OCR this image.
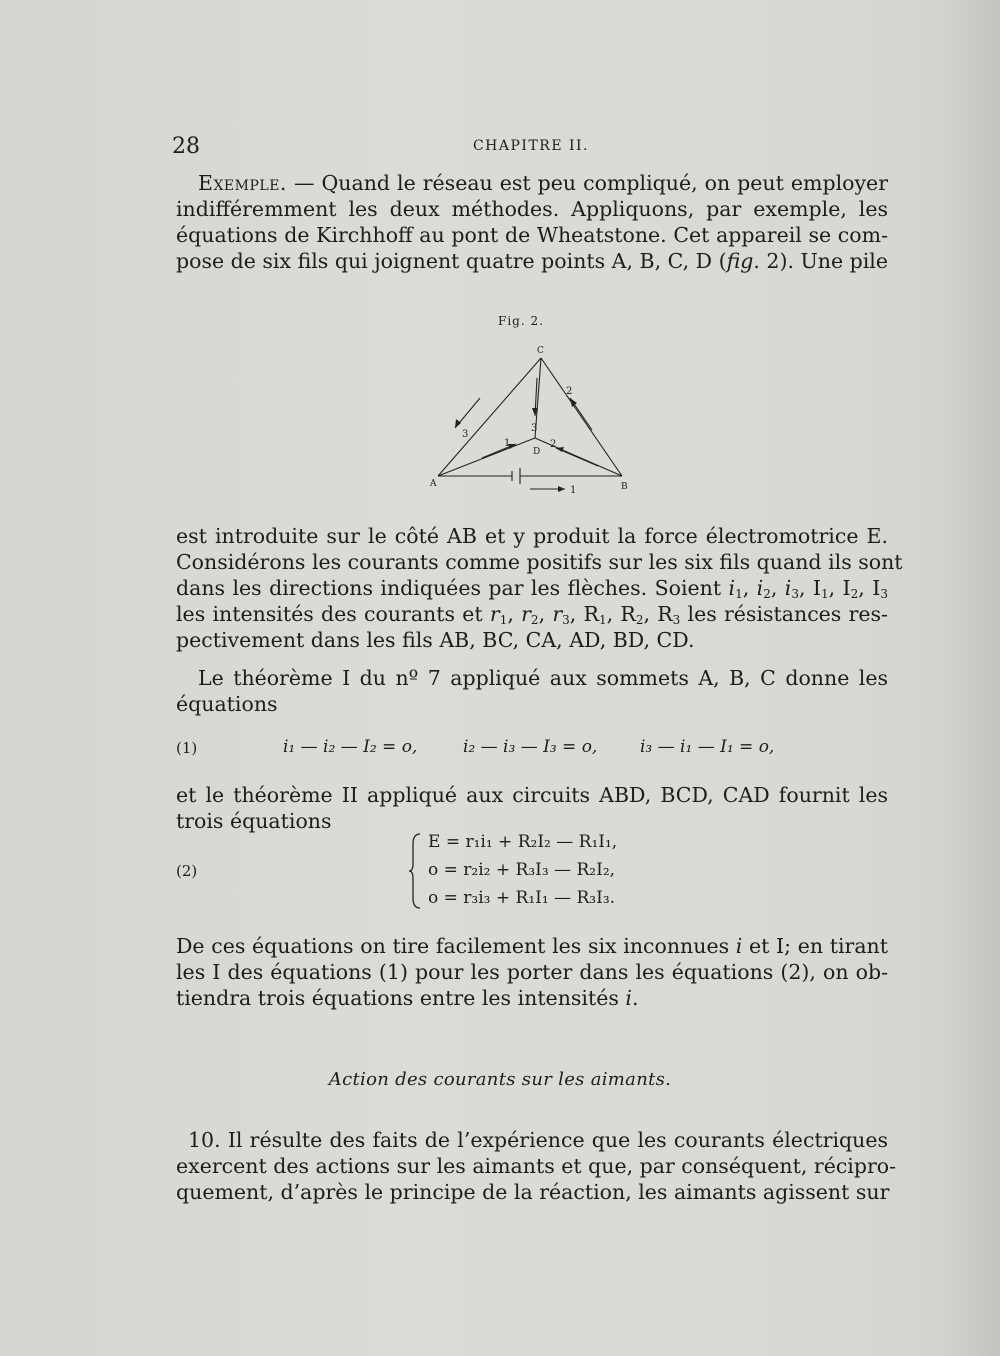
28	CHAPITRE II.
Exemple. — Quand le réseau est peu compliqué, on peut employer
indifféremment les deux méthodes. Appliquons, par exemple, les
équations de Kirchhoff au pont de Wheatstone. Cet appareil se com-
pose de six fils qui joignent quatre points A, B, C, D (fig. 2). Une pile
Fig. 2.
C
A	B
D
1
1	2
2
3
3
est introduite sur le côté AB et y produit la force électromotrice E.
Considérons les courants comme positifs sur les six fils quand ils sont
dans les directions indiquées par les flèches. Soient $i_1$, $i_2$, $i_3$, $I_1$, $I_2$, $I_3$
les intensités des courants et $r_1$, $r_2$, $r_3$, $R_1$, $R_2$, $R_3$ les résistances res-
pectivement dans les fils AB, BC, CA, AD, BD, CD.
Le théorème I du nº 7 appliqué aux sommets A, B, C donne les
équations
(1)	i₁ — i₂ — I₂ = o,	i₂ — i₃ — I₃ = o,	i₃ — i₁ — I₁ = o,
et le théorème II appliqué aux circuits ABD, BCD, CAD fournit les
trois équations
(2)
E = r₁i₁ + R₂I₂ — R₁I₁,
o = r₂i₂ + R₃I₃ — R₂I₂,
o = r₃i₃ + R₁I₁ — R₃I₃.
De ces équations on tire facilement les six inconnues i et I; en tirant
les I des équations (1) pour les porter dans les équations (2), on ob-
tiendra trois équations entre les intensités i.
Action des courants sur les aimants.
10. Il résulte des faits de l’expérience que les courants électriques
exercent des actions sur les aimants et que, par conséquent, récipro-
quement, d’après le principe de la réaction, les aimants agissent sur
